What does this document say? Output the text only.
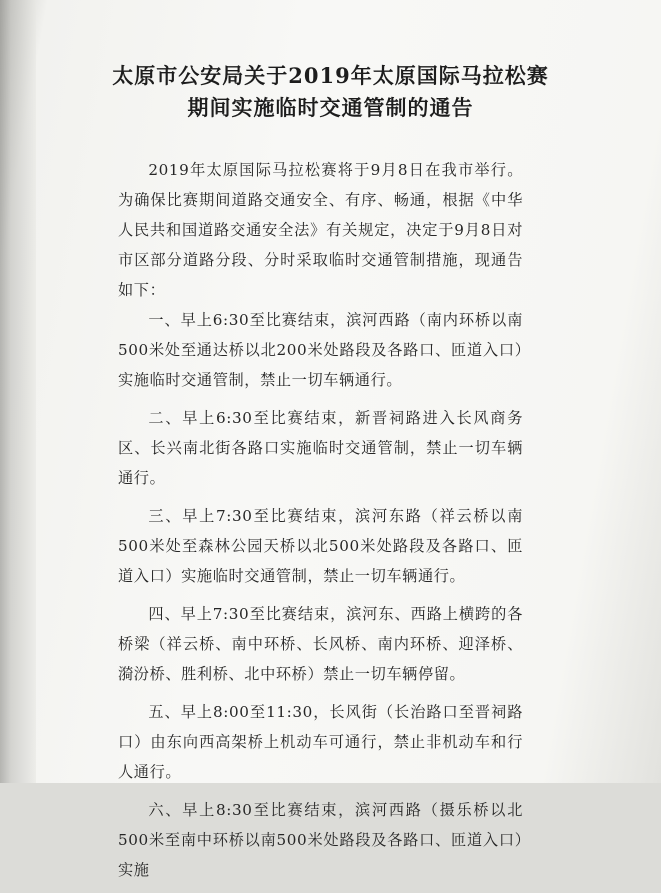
太原市公安局关于2019年太原国际马拉松赛
期间实施临时交通管制的通告

2019年太原国际马拉松赛将于9月8日在我市举行。为确保比赛期间道路交通安全、有序、畅通，根据《中华人民共和国道路交通安全法》有关规定，决定于9月8日对市区部分道路分段、分时采取临时交通管制措施，现通告如下：

一、早上6:30至比赛结束，滨河西路（南内环桥以南500米处至通达桥以北200米处路段及各路口、匝道入口）实施临时交通管制，禁止一切车辆通行。

二、早上6:30至比赛结束，新晋祠路进入长风商务区、长兴南北街各路口实施临时交通管制，禁止一切车辆通行。

三、早上7:30至比赛结束，滨河东路（祥云桥以南500米处至森林公园天桥以北500米处路段及各路口、匝道入口）实施临时交通管制，禁止一切车辆通行。

四、早上7:30至比赛结束，滨河东、西路上横跨的各桥梁（祥云桥、南中环桥、长风桥、南内环桥、迎泽桥、漪汾桥、胜利桥、北中环桥）禁止一切车辆停留。

五、早上8:00至11:30，长风街（长治路口至晋祠路口）由东向西高架桥上机动车可通行，禁止非机动车和行人通行。

六、早上8:30至比赛结束，滨河西路（摄乐桥以北500米至南中环桥以南500米处路段及各路口、匝道入口）实施
